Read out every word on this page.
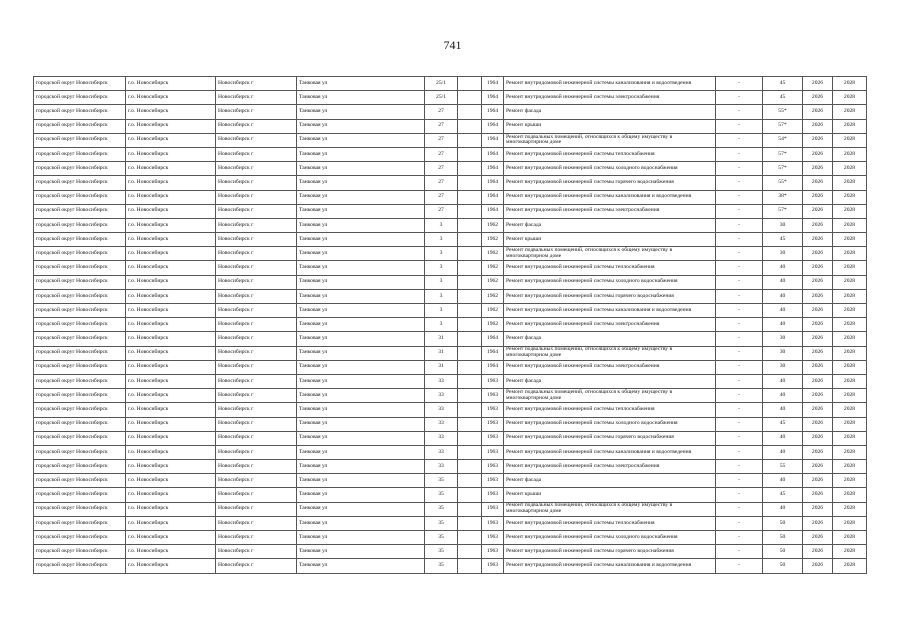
741
городской округ Новосибирск	г.о. Новосибирск	Новосибирск г	Танковая ул	25/1		1964	Ремонт внутридомовой инженерной системы канализования и водоотведения	-	45	2026	2028
городской округ Новосибирск	г.о. Новосибирск	Новосибирск г	Танковая ул	25/1		1964	Ремонт внутридомовой инженерной системы электроснабжения	-	45	2026	2028
городской округ Новосибирск	г.о. Новосибирск	Новосибирск г	Танковая ул	27		1964	Ремонт фасада	-	55*	2026	2028
городской округ Новосибирск	г.о. Новосибирск	Новосибирск г	Танковая ул	27		1964	Ремонт крыши	-	57*	2026	2028
городской округ Новосибирск	г.о. Новосибирск	Новосибирск г	Танковая ул	27		1964	Ремонт подвальных помещений, относящихся к общему имуществу в многоквартирном доме	-	54*	2026	2028
городской округ Новосибирск	г.о. Новосибирск	Новосибирск г	Танковая ул	27		1964	Ремонт внутридомовой инженерной системы теплоснабжения	-	57*	2026	2028
городской округ Новосибирск	г.о. Новосибирск	Новосибирск г	Танковая ул	27		1964	Ремонт внутридомовой инженерной системы холодного водоснабжения	-	57*	2026	2028
городской округ Новосибирск	г.о. Новосибирск	Новосибирск г	Танковая ул	27		1964	Ремонт внутридомовой инженерной системы горячего водоснабжения	-	55*	2026	2028
городской округ Новосибирск	г.о. Новосибирск	Новосибирск г	Танковая ул	27		1964	Ремонт внутридомовой инженерной системы канализования и водоотведения	-	38*	2026	2028
городской округ Новосибирск	г.о. Новосибирск	Новосибирск г	Танковая ул	27		1964	Ремонт внутридомовой инженерной системы электроснабжения	-	57*	2026	2028
городской округ Новосибирск	г.о. Новосибирск	Новосибирск г	Танковая ул	3		1962	Ремонт фасада	-	30	2026	2028
городской округ Новосибирск	г.о. Новосибирск	Новосибирск г	Танковая ул	3		1962	Ремонт крыши	-	45	2026	2028
городской округ Новосибирск	г.о. Новосибирск	Новосибирск г	Танковая ул	3		1962	Ремонт подвальных помещений, относящихся к общему имуществу в многоквартирном доме	-	30	2026	2028
городской округ Новосибирск	г.о. Новосибирск	Новосибирск г	Танковая ул	3		1962	Ремонт внутридомовой инженерной системы теплоснабжения	-	40	2026	2028
городской округ Новосибирск	г.о. Новосибирск	Новосибирск г	Танковая ул	3		1962	Ремонт внутридомовой инженерной системы холодного водоснабжения	-	40	2026	2028
городской округ Новосибирск	г.о. Новосибирск	Новосибирск г	Танковая ул	3		1962	Ремонт внутридомовой инженерной системы горячего водоснабжения	-	40	2026	2028
городской округ Новосибирск	г.о. Новосибирск	Новосибирск г	Танковая ул	3		1962	Ремонт внутридомовой инженерной системы канализования и водоотведения	-	40	2026	2028
городской округ Новосибирск	г.о. Новосибирск	Новосибирск г	Танковая ул	3		1962	Ремонт внутридомовой инженерной системы электроснабжения	-	40	2026	2028
городской округ Новосибирск	г.о. Новосибирск	Новосибирск г	Танковая ул	31		1964	Ремонт фасада	-	30	2026	2028
городской округ Новосибирск	г.о. Новосибирск	Новосибирск г	Танковая ул	31		1964	Ремонт подвальных помещений, относящихся к общему имуществу в многоквартирном доме	-	30	2026	2028
городской округ Новосибирск	г.о. Новосибирск	Новосибирск г	Танковая ул	31		1964	Ремонт внутридомовой инженерной системы электроснабжения	-	30	2026	2028
городской округ Новосибирск	г.о. Новосибирск	Новосибирск г	Танковая ул	33		1963	Ремонт фасада	-	40	2026	2028
городской округ Новосибирск	г.о. Новосибирск	Новосибирск г	Танковая ул	33		1963	Ремонт подвальных помещений, относящихся к общему имуществу в многоквартирном доме	-	40	2026	2028
городской округ Новосибирск	г.о. Новосибирск	Новосибирск г	Танковая ул	33		1963	Ремонт внутридомовой инженерной системы теплоснабжения	-	40	2026	2028
городской округ Новосибирск	г.о. Новосибирск	Новосибирск г	Танковая ул	33		1963	Ремонт внутридомовой инженерной системы холодного водоснабжения	-	45	2026	2028
городской округ Новосибирск	г.о. Новосибирск	Новосибирск г	Танковая ул	33		1963	Ремонт внутридомовой инженерной системы горячего водоснабжения	-	40	2026	2028
городской округ Новосибирск	г.о. Новосибирск	Новосибирск г	Танковая ул	33		1963	Ремонт внутридомовой инженерной системы канализования и водоотведения	-	40	2026	2028
городской округ Новосибирск	г.о. Новосибирск	Новосибирск г	Танковая ул	33		1963	Ремонт внутридомовой инженерной системы электроснабжения	-	55	2026	2028
городской округ Новосибирск	г.о. Новосибирск	Новосибирск г	Танковая ул	35		1963	Ремонт фасада	-	40	2026	2028
городской округ Новосибирск	г.о. Новосибирск	Новосибирск г	Танковая ул	35		1963	Ремонт крыши	-	45	2026	2028
городской округ Новосибирск	г.о. Новосибирск	Новосибирск г	Танковая ул	35		1963	Ремонт подвальных помещений, относящихся к общему имуществу в многоквартирном доме	-	40	2026	2028
городской округ Новосибирск	г.о. Новосибирск	Новосибирск г	Танковая ул	35		1963	Ремонт внутридомовой инженерной системы теплоснабжения	-	50	2026	2028
городской округ Новосибирск	г.о. Новосибирск	Новосибирск г	Танковая ул	35		1963	Ремонт внутридомовой инженерной системы холодного водоснабжения	-	50	2026	2028
городской округ Новосибирск	г.о. Новосибирск	Новосибирск г	Танковая ул	35		1963	Ремонт внутридомовой инженерной системы горячего водоснабжения	-	50	2026	2028
городской округ Новосибирск	г.о. Новосибирск	Новосибирск г	Танковая ул	35		1963	Ремонт внутридомовой инженерной системы канализования и водоотведения	-	50	2026	2028
